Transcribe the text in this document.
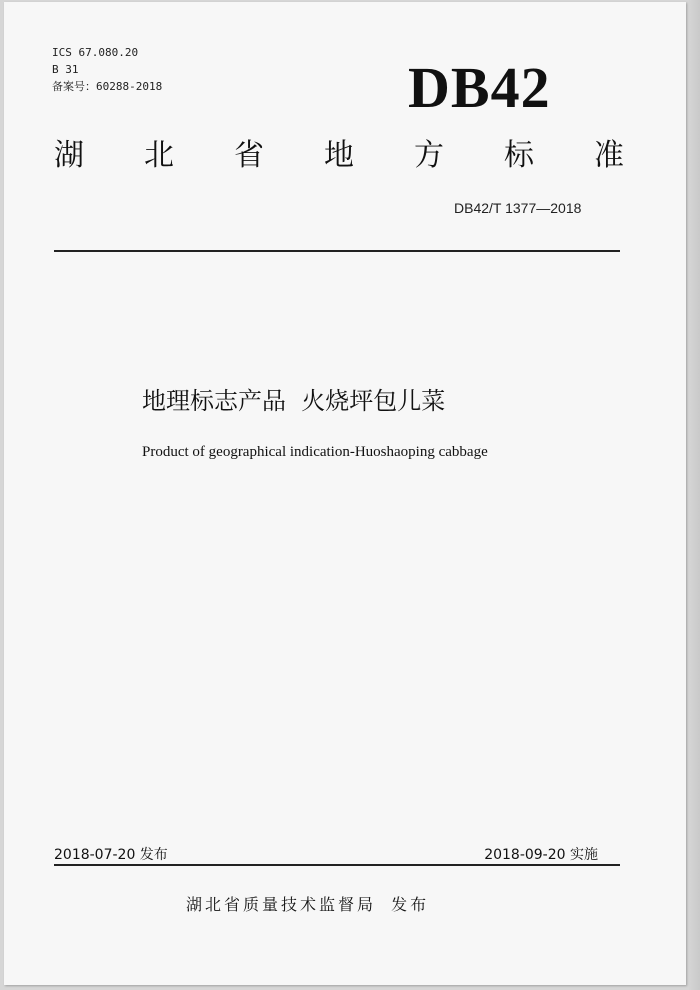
ICS 67.080.20
B 31
备案号：60288-2018	DB42
湖 北 省 地 方 标 准
DB42/T 1377—2018
地理标志产品  火烧坪包儿菜
Product of geographical indication-Huoshaoping cabbage
2018-07-20 发布	2018-09-20 实施
湖北省质量技术监督局 发布
